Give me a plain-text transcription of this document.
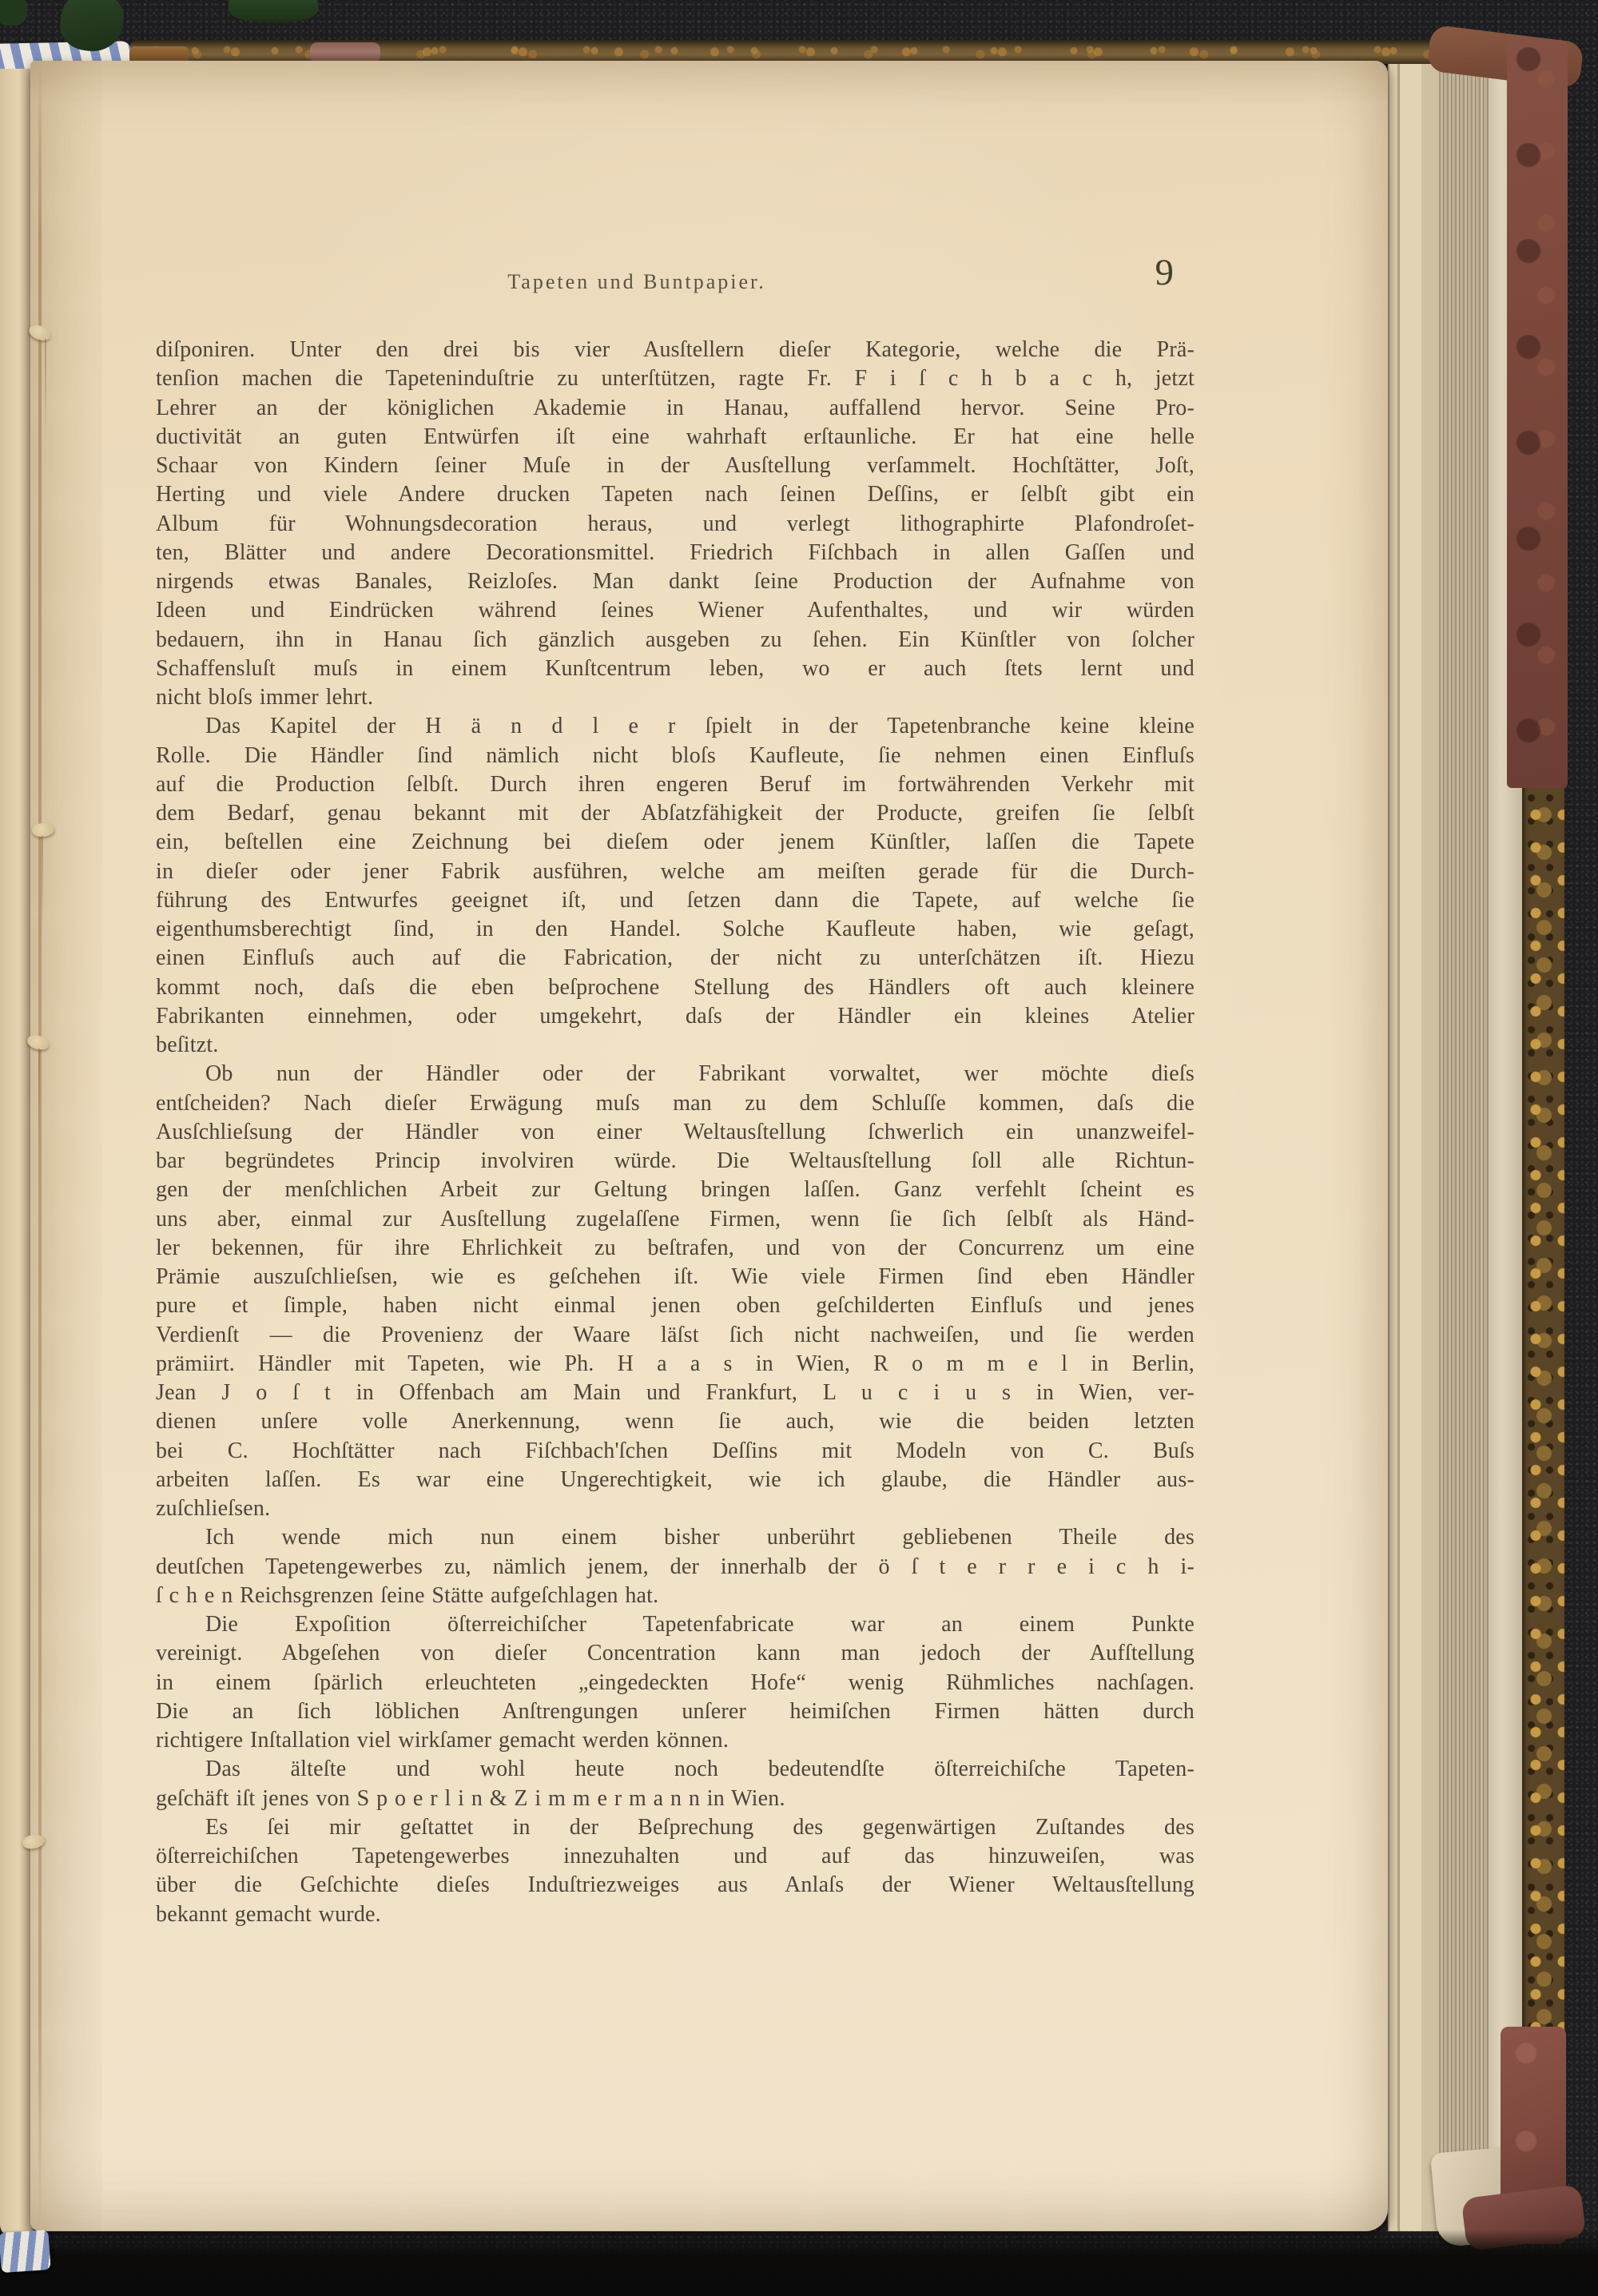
Tapeten und Buntpapier.	9
diſponiren. Unter den drei bis vier Ausſtellern dieſer Kategorie, welche die Prä-
tenſion machen die Tapeteninduſtrie zu unterſtützen, ragte Fr. F i ſ c h b a c h, jetzt
Lehrer an der königlichen Akademie in Hanau, auffallend hervor. Seine Pro-
ductivität an guten Entwürfen iſt eine wahrhaft erſtaunliche. Er hat eine helle
Schaar von Kindern ſeiner Muſe in der Ausſtellung verſammelt. Hochſtätter, Joſt,
Herting und viele Andere drucken Tapeten nach ſeinen Deſſins, er ſelbſt gibt ein
Album für Wohnungsdecoration heraus, und verlegt lithographirte Plafondroſet-
ten, Blätter und andere Decorationsmittel. Friedrich Fiſchbach in allen Gaſſen und
nirgends etwas Banales, Reizloſes. Man dankt ſeine Production der Aufnahme von
Ideen und Eindrücken während ſeines Wiener Aufenthaltes, und wir würden
bedauern, ihn in Hanau ſich gänzlich ausgeben zu ſehen. Ein Künſtler von ſolcher
Schaffensluſt muſs in einem Kunſtcentrum leben, wo er auch ſtets lernt und
nicht bloſs immer lehrt.
Das Kapitel der H ä n d l e r ſpielt in der Tapetenbranche keine kleine
Rolle. Die Händler ſind nämlich nicht bloſs Kaufleute, ſie nehmen einen Einfluſs
auf die Production ſelbſt. Durch ihren engeren Beruf im fortwährenden Verkehr mit
dem Bedarf, genau bekannt mit der Abſatzfähigkeit der Producte, greifen ſie ſelbſt
ein, beſtellen eine Zeichnung bei dieſem oder jenem Künſtler, laſſen die Tapete
in dieſer oder jener Fabrik ausführen, welche am meiſten gerade für die Durch-
führung des Entwurfes geeignet iſt, und ſetzen dann die Tapete, auf welche ſie
eigenthumsberechtigt ſind, in den Handel. Solche Kaufleute haben, wie geſagt,
einen Einfluſs auch auf die Fabrication, der nicht zu unterſchätzen iſt. Hiezu
kommt noch, daſs die eben beſprochene Stellung des Händlers oft auch kleinere
Fabrikanten einnehmen, oder umgekehrt, daſs der Händler ein kleines Atelier
beſitzt.
Ob nun der Händler oder der Fabrikant vorwaltet, wer möchte dieſs
entſcheiden? Nach dieſer Erwägung muſs man zu dem Schluſſe kommen, daſs die
Ausſchlieſsung der Händler von einer Weltausſtellung ſchwerlich ein unanzweifel-
bar begründetes Princip involviren würde. Die Weltausſtellung ſoll alle Richtun-
gen der menſchlichen Arbeit zur Geltung bringen laſſen. Ganz verfehlt ſcheint es
uns aber, einmal zur Ausſtellung zugelaſſene Firmen, wenn ſie ſich ſelbſt als Händ-
ler bekennen, für ihre Ehrlichkeit zu beſtrafen, und von der Concurrenz um eine
Prämie auszuſchlieſsen, wie es geſchehen iſt. Wie viele Firmen ſind eben Händler
pure et ſimple, haben nicht einmal jenen oben geſchilderten Einfluſs und jenes
Verdienſt — die Provenienz der Waare läſst ſich nicht nachweiſen, und ſie werden
prämiirt. Händler mit Tapeten, wie Ph. H a a s in Wien, R o m m e l in Berlin,
Jean J o ſ t in Offenbach am Main und Frankfurt, L u c i u s in Wien, ver-
dienen unſere volle Anerkennung, wenn ſie auch, wie die beiden letzten
bei C. Hochſtätter nach Fiſchbach'ſchen Deſſins mit Modeln von C. Buſs
arbeiten laſſen. Es war eine Ungerechtigkeit, wie ich glaube, die Händler aus-
zuſchlieſsen.
Ich wende mich nun einem bisher unberührt gebliebenen Theile des
deutſchen Tapetengewerbes zu, nämlich jenem, der innerhalb der ö ſ t e r r e i c h i-
ſ c h e n Reichsgrenzen ſeine Stätte aufgeſchlagen hat.
Die Expoſition öſterreichiſcher Tapetenfabricate war an einem Punkte
vereinigt. Abgeſehen von dieſer Concentration kann man jedoch der Aufſtellung
in einem ſpärlich erleuchteten „eingedeckten Hofe“ wenig Rühmliches nachſagen.
Die an ſich löblichen Anſtrengungen unſerer heimiſchen Firmen hätten durch
richtigere Inſtallation viel wirkſamer gemacht werden können.
Das älteſte und wohl heute noch bedeutendſte öſterreichiſche Tapeten-
geſchäft iſt jenes von S p o e r l i n & Z i m m e r m a n n in Wien.
Es ſei mir geſtattet in der Beſprechung des gegenwärtigen Zuſtandes des
öſterreichiſchen Tapetengewerbes innezuhalten und auf das hinzuweiſen, was
über die Geſchichte dieſes Induſtriezweiges aus Anlaſs der Wiener Weltausſtellung
bekannt gemacht wurde.
